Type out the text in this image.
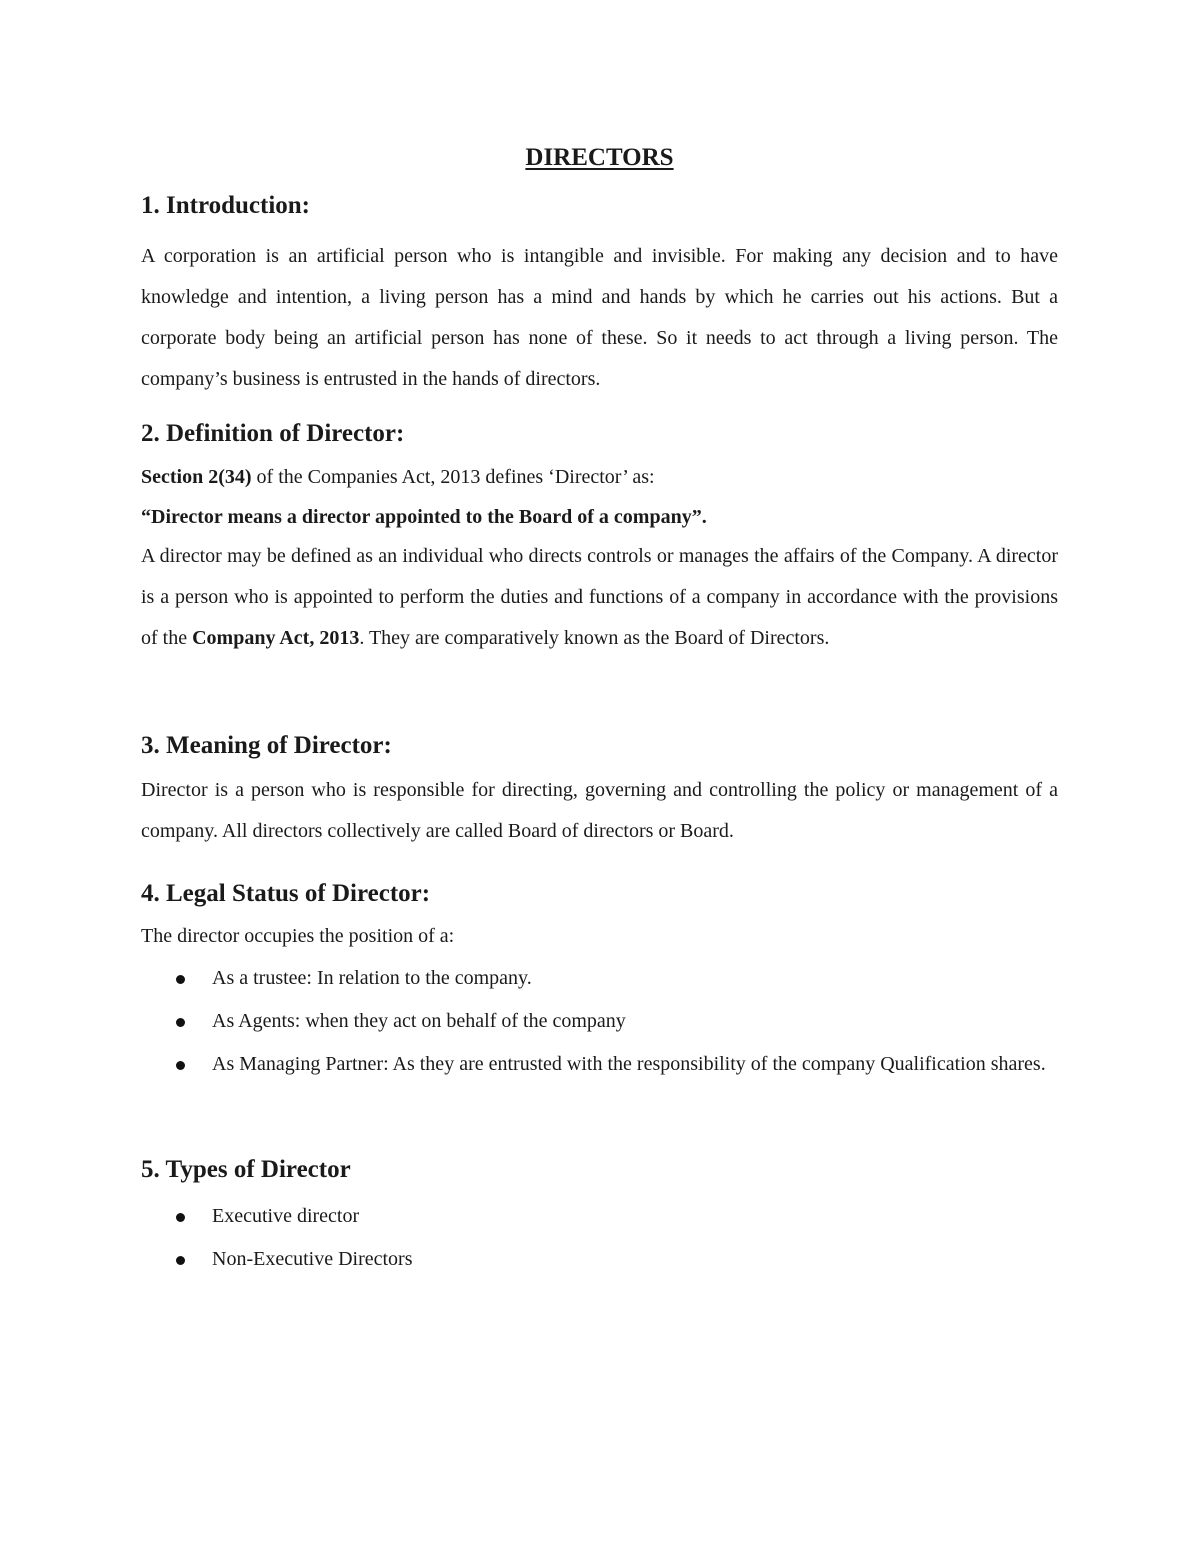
DIRECTORS
1. Introduction:

A corporation is an artificial person who is intangible and invisible. For making any decision and to have knowledge and intention, a living person has a mind and hands by which he carries out his actions. But a corporate body being an artificial person has none of these. So it needs to act through a living person. The company’s business is entrusted in the hands of directors.

2. Definition of Director:

Section 2(34) of the Companies Act, 2013 defines ‘Director’ as:

“Director means a director appointed to the Board of a company”.

A director may be defined as an individual who directs controls or manages the affairs of the Company. A director is a person who is appointed to perform the duties and functions of a company in accordance with the provisions of the Company Act, 2013. They are comparatively known as the Board of Directors.

3. Meaning of Director:

Director is a person who is responsible for directing, governing and controlling the policy or management of a company. All directors collectively are called Board of directors or Board.

4. Legal Status of Director:

The director occupies the position of a:

As a trustee: In relation to the company.
As Agents: when they act on behalf of the company
As Managing Partner: As they are entrusted with the responsibility of the company Qualification shares.
5. Types of Director
Executive director
Non-Executive Directors
